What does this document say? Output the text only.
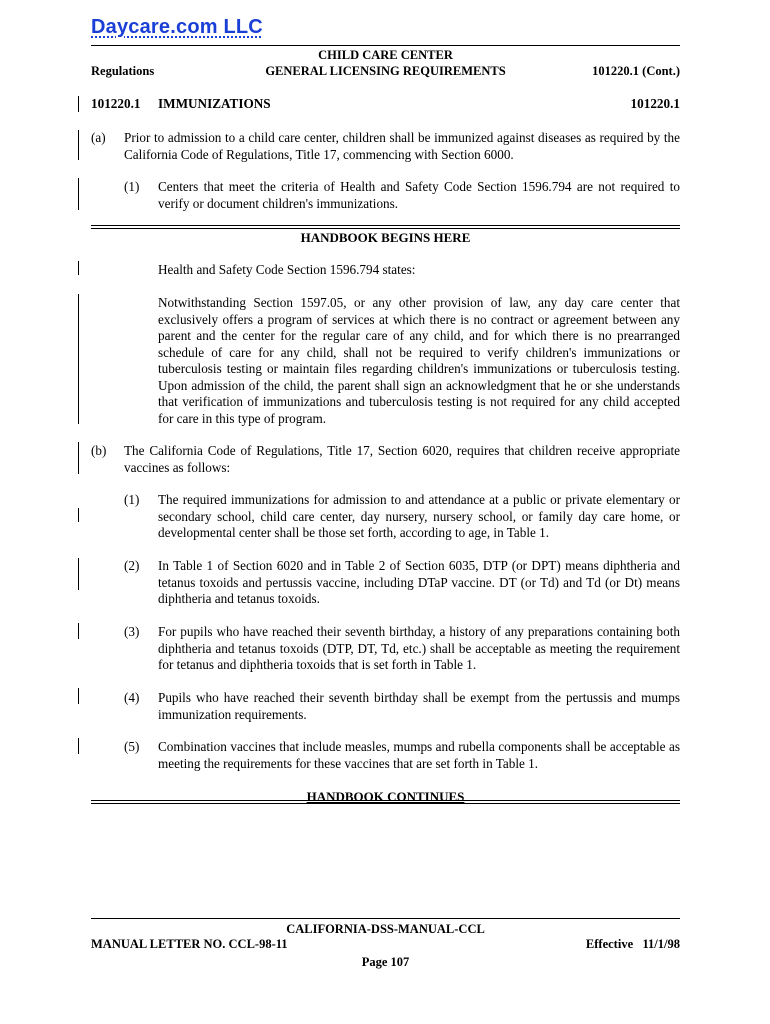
Daycare.com LLC
Regulations
CHILD CARE CENTER
GENERAL LICENSING REQUIREMENTS	101220.1 (Cont.)
101220.1 IMMUNIZATIONS	101220.1
(a) Prior to admission to a child care center, children shall be immunized against diseases as required by the California Code of Regulations, Title 17, commencing with Section 6000.
(1) Centers that meet the criteria of Health and Safety Code Section 1596.794 are not required to verify or document children's immunizations.
HANDBOOK BEGINS HERE
Health and Safety Code Section 1596.794 states:
Notwithstanding Section 1597.05, or any other provision of law, any day care center that exclusively offers a program of services at which there is no contract or agreement between any parent and the center for the regular care of any child, and for which there is no prearranged schedule of care for any child, shall not be required to verify children's immunizations or tuberculosis testing or maintain files regarding children's immunizations or tuberculosis testing. Upon admission of the child, the parent shall sign an acknowledgment that he or she understands that verification of immunizations and tuberculosis testing is not required for any child accepted for care in this type of program.
(b) The California Code of Regulations, Title 17, Section 6020, requires that children receive appropriate vaccines as follows:
(1) The required immunizations for admission to and attendance at a public or private elementary or secondary school, child care center, day nursery, nursery school, or family day care home, or developmental center shall be those set forth, according to age, in Table 1.
(2) In Table 1 of Section 6020 and in Table 2 of Section 6035, DTP (or DPT) means diphtheria and tetanus toxoids and pertussis vaccine, including DTaP vaccine. DT (or Td) and Td (or Dt) means diphtheria and tetanus toxoids.
(3) For pupils who have reached their seventh birthday, a history of any preparations containing both diphtheria and tetanus toxoids (DTP, DT, Td, etc.) shall be acceptable as meeting the requirement for tetanus and diphtheria toxoids that is set forth in Table 1.
(4) Pupils who have reached their seventh birthday shall be exempt from the pertussis and mumps immunization requirements.
(5) Combination vaccines that include measles, mumps and rubella components shall be acceptable as meeting the requirements for these vaccines that are set forth in Table 1.
HANDBOOK CONTINUES
CALIFORNIA-DSS-MANUAL-CCL
MANUAL LETTER NO. CCL-98-11	Effective   11/1/98
Page 107
